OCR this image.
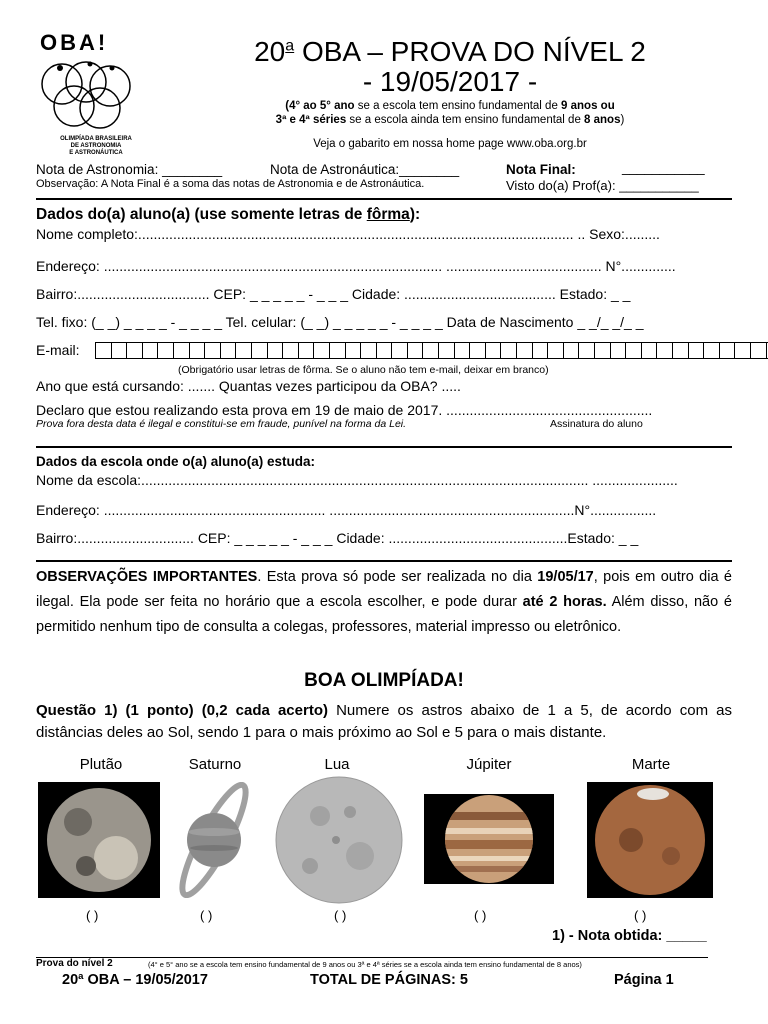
OBA!
OLIMPÍADA BRASILEIRA
DE ASTRONOMIA
E ASTRONÁUTICA
20$^a$ OBA – PROVA DO NÍVEL 2
- 19/05/2017 -
(4° ao 5° ano se a escola tem ensino fundamental de 9 anos ou
3ª e 4ª séries se a escola ainda tem ensino fundamental de 8 anos)
Veja o gabarito em nossa home page www.oba.org.br
Nota de Astronomia: ________	Nota de Astronáutica:________	Nota Final:	___________
Observação: A Nota Final é a soma das notas de Astronomia e de Astronáutica.	Visto do(a) Prof(a): ___________
Dados do(a) aluno(a) (use somente letras de fôrma):
Nome completo:................................................................................................................ .. Sexo:.........
Endereço: ....................................................................................... ........................................ N°..............
Bairro:.................................. CEP: _ _ _ _ _ - _ _ _ Cidade: ....................................... Estado: _ _
Tel. fixo: (_ _) _ _ _ _ - _ _ _ _ Tel. celular: (_ _) _ _ _ _ _ - _ _ _ _ Data de Nascimento _ _/_ _/_ _
E-mail:
(Obrigatório usar letras de fôrma. Se o aluno não tem e-mail, deixar em branco)
Ano que está cursando: ....... Quantas vezes participou da OBA? .....
Declaro que estou realizando esta prova em 19 de maio de 2017. .....................................................
Prova fora desta data é ilegal e constitui-se em fraude, punível na forma da Lei.	Assinatura do aluno
Dados da escola onde o(a) aluno(a) estuda:
Nome da escola:................................................................................................................... ......................
Endereço: ......................................................... ...............................................................N°.................
Bairro:.............................. CEP: _ _ _ _ _ - _ _ _ Cidade: ..............................................Estado: _ _
OBSERVAÇÕES IMPORTANTES. Esta prova só pode ser realizada no dia 19/05/17, pois em outro dia é ilegal. Ela pode ser feita no horário que a escola escolher, e pode durar até 2 horas. Além disso, não é permitido nenhum tipo de consulta a colegas, professores, material impresso ou eletrônico.
BOA OLIMPÍADA!
Questão 1) (1 ponto) (0,2 cada acerto) Numere os astros abaixo de 1 a 5, de acordo com as distâncias deles ao Sol, sendo 1 para o mais próximo ao Sol e 5 para o mais distante.
Plutão	Saturno	Lua	Júpiter	Marte
( )	( )	( )	( )	( )
1) - Nota obtida: _____
Prova do nível 2	(4° e 5° ano se a escola tem ensino fundamental de 9 anos ou 3ª e 4ª séries se a escola ainda tem ensino fundamental de 8 anos)
20ª OBA – 19/05/2017	TOTAL DE PÁGINAS: 5	Página 1
